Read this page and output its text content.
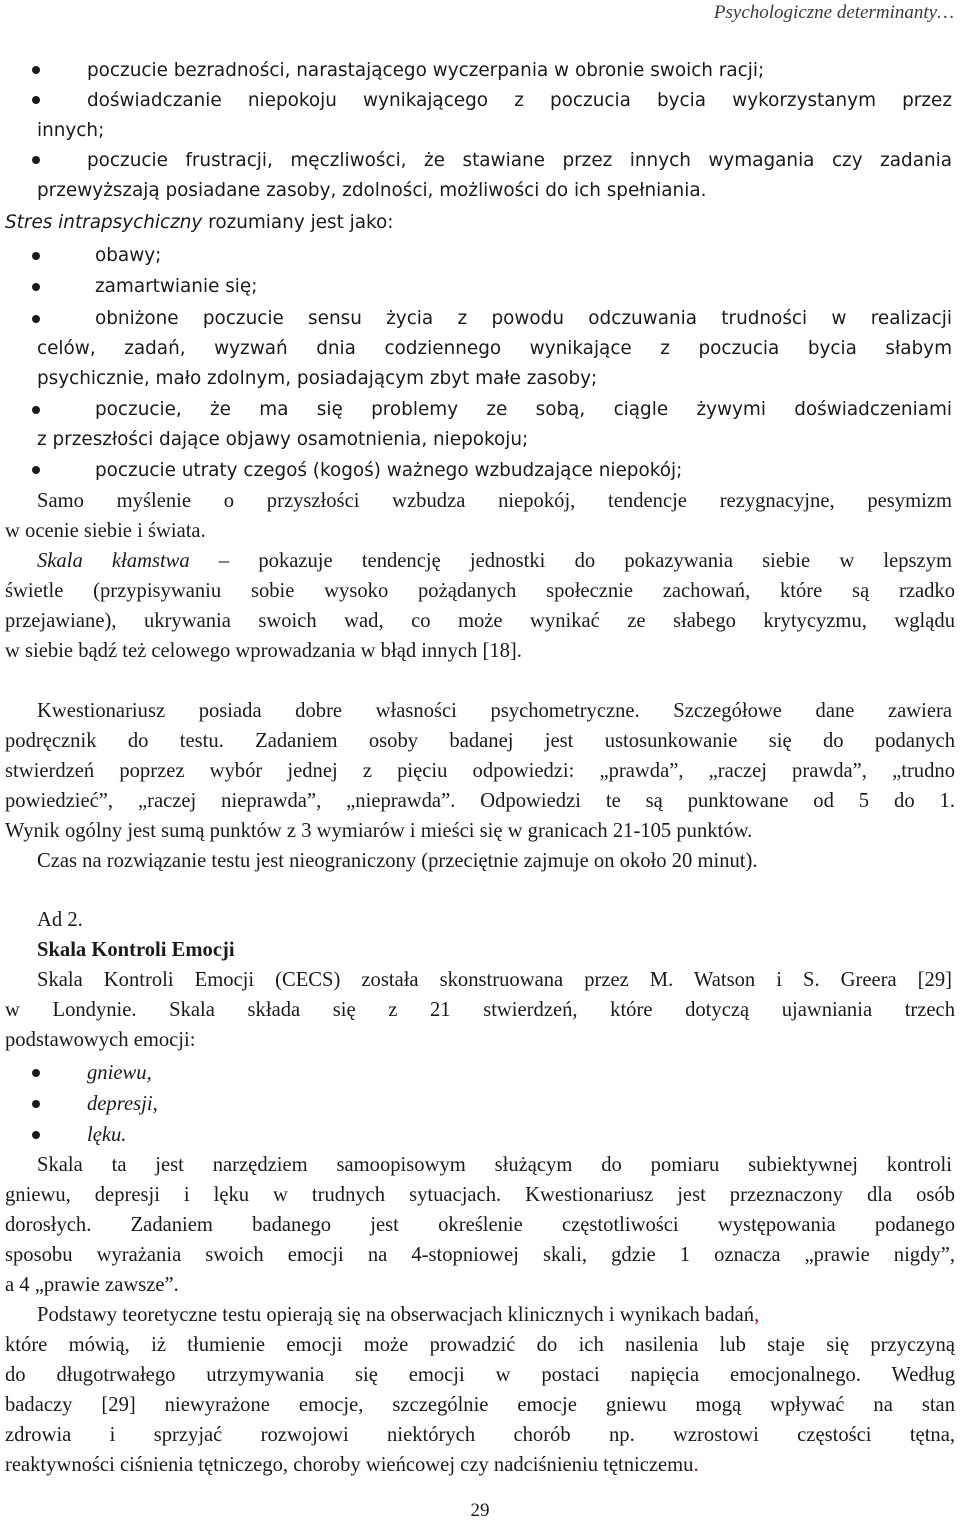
Psychologiczne determinanty…
poczucie bezradności, narastającego wyczerpania w obronie swoich racji;
doświadczanie niepokoju wynikającego z poczucia bycia wykorzystanym przez
innych;
poczucie frustracji, męczliwości, że stawiane przez innych wymagania czy zadania
przewyższają posiadane zasoby, zdolności, możliwości do ich spełniania.
Stres intrapsychiczny rozumiany jest jako:
obawy;
zamartwianie się;
obniżone poczucie sensu życia z powodu odczuwania trudności w realizacji
celów, zadań, wyzwań dnia codziennego wynikające z poczucia bycia słabym
psychicznie, mało zdolnym, posiadającym zbyt małe zasoby;
poczucie, że ma się problemy ze sobą, ciągle żywymi doświadczeniami
z przeszłości dające objawy osamotnienia, niepokoju;
poczucie utraty czegoś (kogoś) ważnego wzbudzające niepokój;
Samo myślenie o przyszłości wzbudza niepokój, tendencje rezygnacyjne, pesymizm
w ocenie siebie i świata.
Skala kłamstwa – pokazuje tendencję jednostki do pokazywania siebie w lepszym
świetle (przypisywaniu sobie wysoko pożądanych społecznie zachowań, które są rzadko
przejawiane), ukrywania swoich wad, co może wynikać ze słabego krytycyzmu, wglądu
w siebie bądź też celowego wprowadzania w błąd innych [18].
Kwestionariusz posiada dobre własności psychometryczne. Szczegółowe dane zawiera
podręcznik do testu. Zadaniem osoby badanej jest ustosunkowanie się do podanych
stwierdzeń poprzez wybór jednej z pięciu odpowiedzi: „prawda”, „raczej prawda”, „trudno
powiedzieć”, „raczej nieprawda”, „nieprawda”. Odpowiedzi te są punktowane od 5 do 1.
Wynik ogólny jest sumą punktów z 3 wymiarów i mieści się w granicach 21-105 punktów.
Czas na rozwiązanie testu jest nieograniczony (przeciętnie zajmuje on około 20 minut).
Ad 2.
Skala Kontroli Emocji
Skala Kontroli Emocji (CECS) została skonstruowana przez M. Watson i S. Greera [29]
w Londynie. Skala składa się z 21 stwierdzeń, które dotyczą ujawniania trzech
podstawowych emocji:
gniewu,
depresji,
lęku.
Skala ta jest narzędziem samoopisowym służącym do pomiaru subiektywnej kontroli
gniewu, depresji i lęku w trudnych sytuacjach. Kwestionariusz jest przeznaczony dla osób
dorosłych. Zadaniem badanego jest określenie częstotliwości występowania podanego
sposobu wyrażania swoich emocji na 4-stopniowej skali, gdzie 1 oznacza „prawie nigdy”,
a 4 „prawie zawsze”.
Podstawy teoretyczne testu opierają się na obserwacjach klinicznych i wynikach badań,
które mówią, iż tłumienie emocji może prowadzić do ich nasilenia lub staje się przyczyną
do długotrwałego utrzymywania się emocji w postaci napięcia emocjonalnego. Według
badaczy [29] niewyrażone emocje, szczególnie emocje gniewu mogą wpływać na stan
zdrowia i sprzyjać rozwojowi niektórych chorób np. wzrostowi częstości tętna,
reaktywności ciśnienia tętniczego, choroby wieńcowej czy nadciśnieniu tętniczemu.
29
